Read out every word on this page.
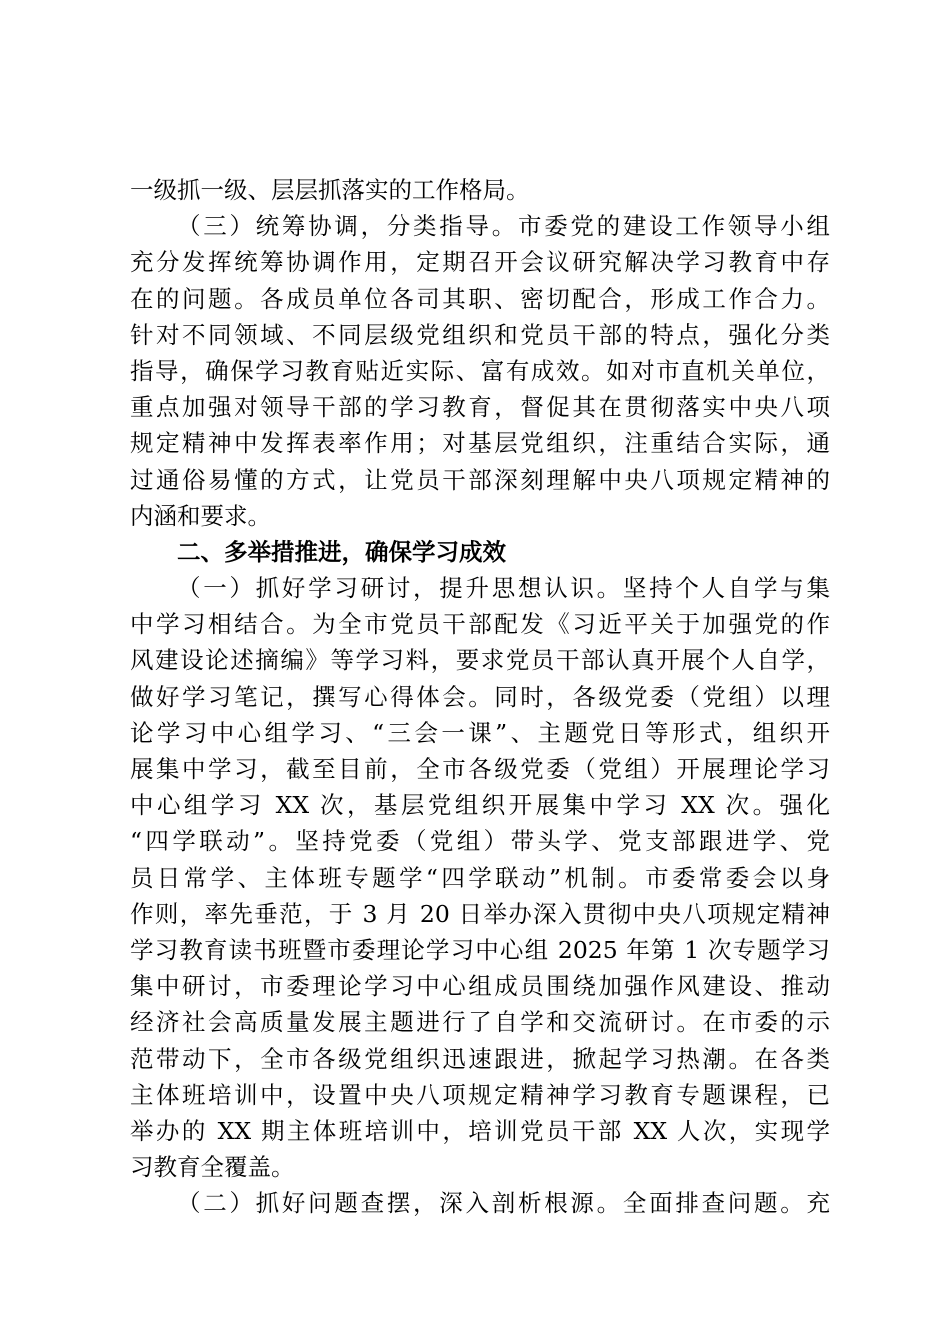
一级抓一级、层层抓落实的工作格局。
（三）统筹协调，分类指导。市委党的建设工作领导小组
充分发挥统筹协调作用，定期召开会议研究解决学习教育中存
在的问题。各成员单位各司其职、密切配合，形成工作合力。
针对不同领域、不同层级党组织和党员干部的特点，强化分类
指导，确保学习教育贴近实际、富有成效。如对市直机关单位，
重点加强对领导干部的学习教育，督促其在贯彻落实中央八项
规定精神中发挥表率作用；对基层党组织，注重结合实际，通
过通俗易懂的方式，让党员干部深刻理解中央八项规定精神的
内涵和要求。
二、多举措推进，确保学习成效
（一）抓好学习研讨，提升思想认识。坚持个人自学与集
中学习相结合。为全市党员干部配发《习近平关于加强党的作
风建设论述摘编》等学习料，要求党员干部认真开展个人自学，
做好学习笔记，撰写心得体会。同时，各级党委（党组）以理
论学习中心组学习、“三会一课”、主题党日等形式，组织开
展集中学习，截至目前，全市各级党委（党组）开展理论学习
中心组学习 XX 次，基层党组织开展集中学习 XX 次。强化
“四学联动”。坚持党委（党组）带头学、党支部跟进学、党
员日常学、主体班专题学“四学联动”机制。市委常委会以身
作则，率先垂范，于 3 月 20 日举办深入贯彻中央八项规定精神
学习教育读书班暨市委理论学习中心组 2025 年第 1 次专题学习
集中研讨，市委理论学习中心组成员围绕加强作风建设、推动
经济社会高质量发展主题进行了自学和交流研讨。在市委的示
范带动下，全市各级党组织迅速跟进，掀起学习热潮。在各类
主体班培训中，设置中央八项规定精神学习教育专题课程，已
举办的 XX 期主体班培训中，培训党员干部 XX 人次，实现学
习教育全覆盖。
（二）抓好问题查摆，深入剖析根源。全面排查问题。充
